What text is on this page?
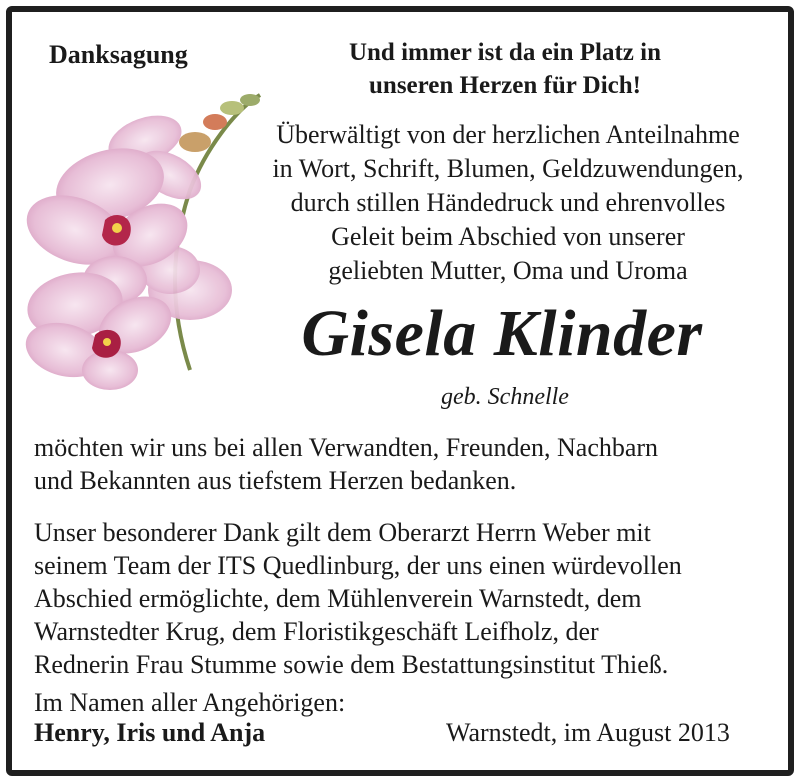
Danksagung	Und immer ist da ein Platz in
unseren Herzen für Dich!
Überwältigt von der herzlichen Anteilnahme
in Wort, Schrift, Blumen, Geldzuwendungen,
durch stillen Händedruck und ehrenvolles
Geleit beim Abschied von unserer
geliebten Mutter, Oma und Uroma
Gisela Klinder
geb. Schnelle
möchten wir uns bei allen Verwandten, Freunden, Nachbarn
und Bekannten aus tiefstem Herzen bedanken.
Unser besonderer Dank gilt dem Oberarzt Herrn Weber mit
seinem Team der ITS Quedlinburg, der uns einen würdevollen
Abschied ermöglichte, dem Mühlenverein Warnstedt, dem
Warnstedter Krug, dem Floristikgeschäft Leifholz, der
Rednerin Frau Stumme sowie dem Bestattungsinstitut Thieß.
Im Namen aller Angehörigen:
Henry, Iris und Anja	Warnstedt, im August 2013
